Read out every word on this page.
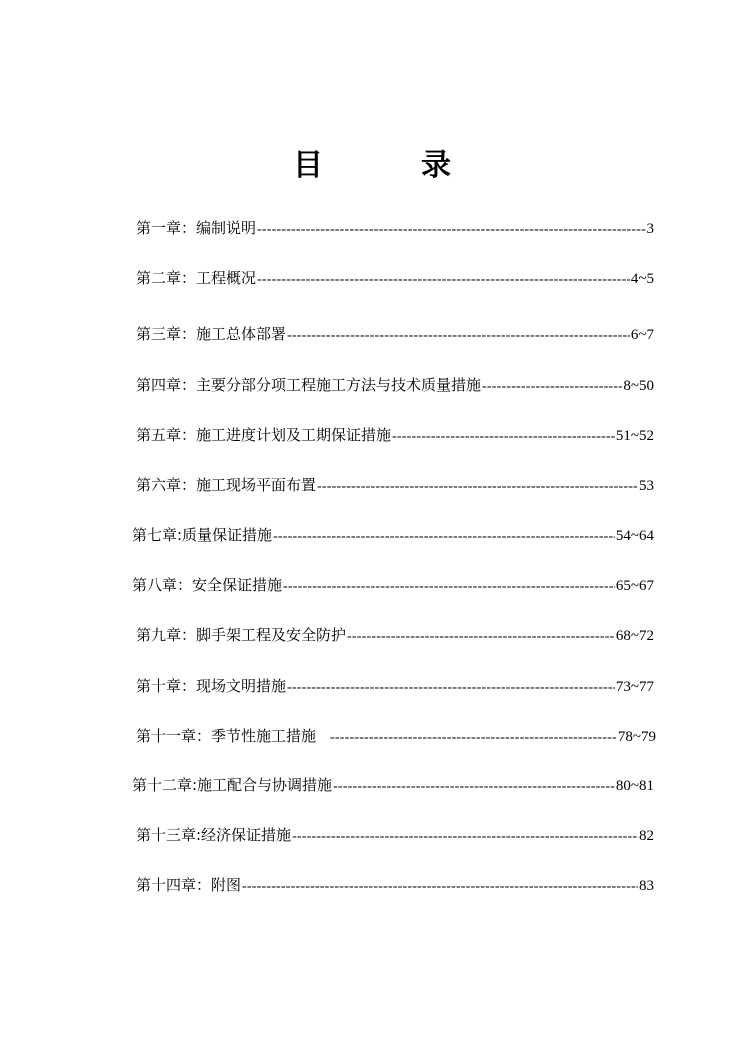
目　录
第一章：编制说明 -----	3
第二章：工程概况 -----	4~5
第三章：施工总体部署 -----	6~7
第四章：主要分部分项工程施工方法与技术质量措施 -----	8~50
第五章：施工进度计划及工期保证措施 -----	51~52
第六章：施工现场平面布置 -----	53
第七章:质量保证措施 -----	54~64
第八章：安全保证措施 -----	65~67
第九章：脚手架工程及安全防护 -----	68~72
第十章：现场文明措施 -----	73~77
第十一章：季节性施工措施 -----	78~79
第十二章:施工配合与协调措施 -----	80~81
第十三章:经济保证措施 -----	82
第十四章：附图 -----	83
